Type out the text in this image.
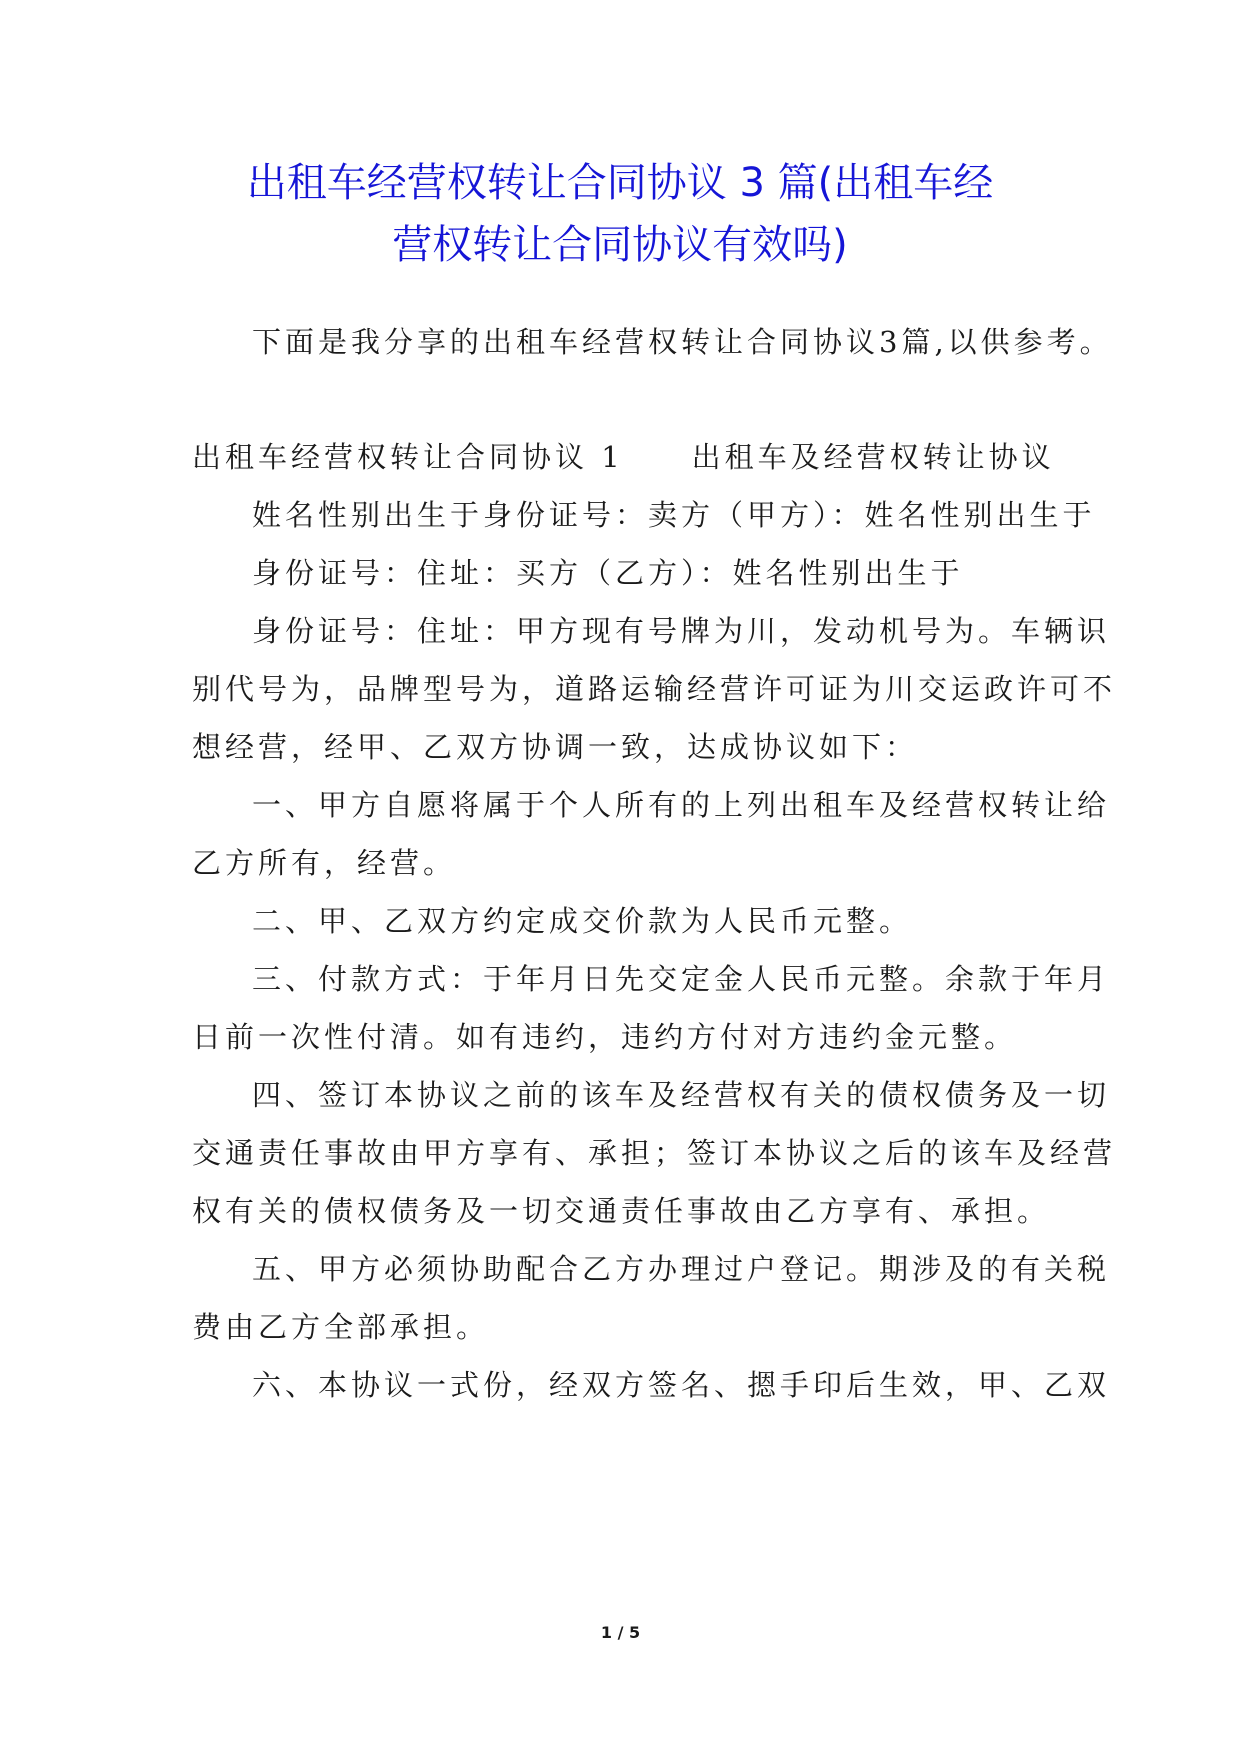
出租车经营权转让合同协议 3 篇(出租车经
营权转让合同协议有效吗)

下面是我分享的出租车经营权转让合同协议3篇,以供参考。

出租车经营权转让合同协议 1 出租车及经营权转让协议

姓名性别出生于身份证号：卖方（甲方）：姓名性别出生于

身份证号：住址：买方（乙方）：姓名性别出生于

身份证号：住址：甲方现有号牌为川，发动机号为。车辆识

别代号为，品牌型号为，道路运输经营许可证为川交运政许可不

想经营，经甲、乙双方协调一致，达成协议如下：

一、甲方自愿将属于个人所有的上列出租车及经营权转让给

乙方所有，经营。

二、甲、乙双方约定成交价款为人民币元整。

三、付款方式：于年月日先交定金人民币元整。余款于年月

日前一次性付清。如有违约，违约方付对方违约金元整。

四、签订本协议之前的该车及经营权有关的债权债务及一切

交通责任事故由甲方享有、承担；签订本协议之后的该车及经营

权有关的债权债务及一切交通责任事故由乙方享有、承担。

五、甲方必须协助配合乙方办理过户登记。期涉及的有关税

费由乙方全部承担。

六、本协议一式份，经双方签名、摁手印后生效，甲、乙双

1 / 5
